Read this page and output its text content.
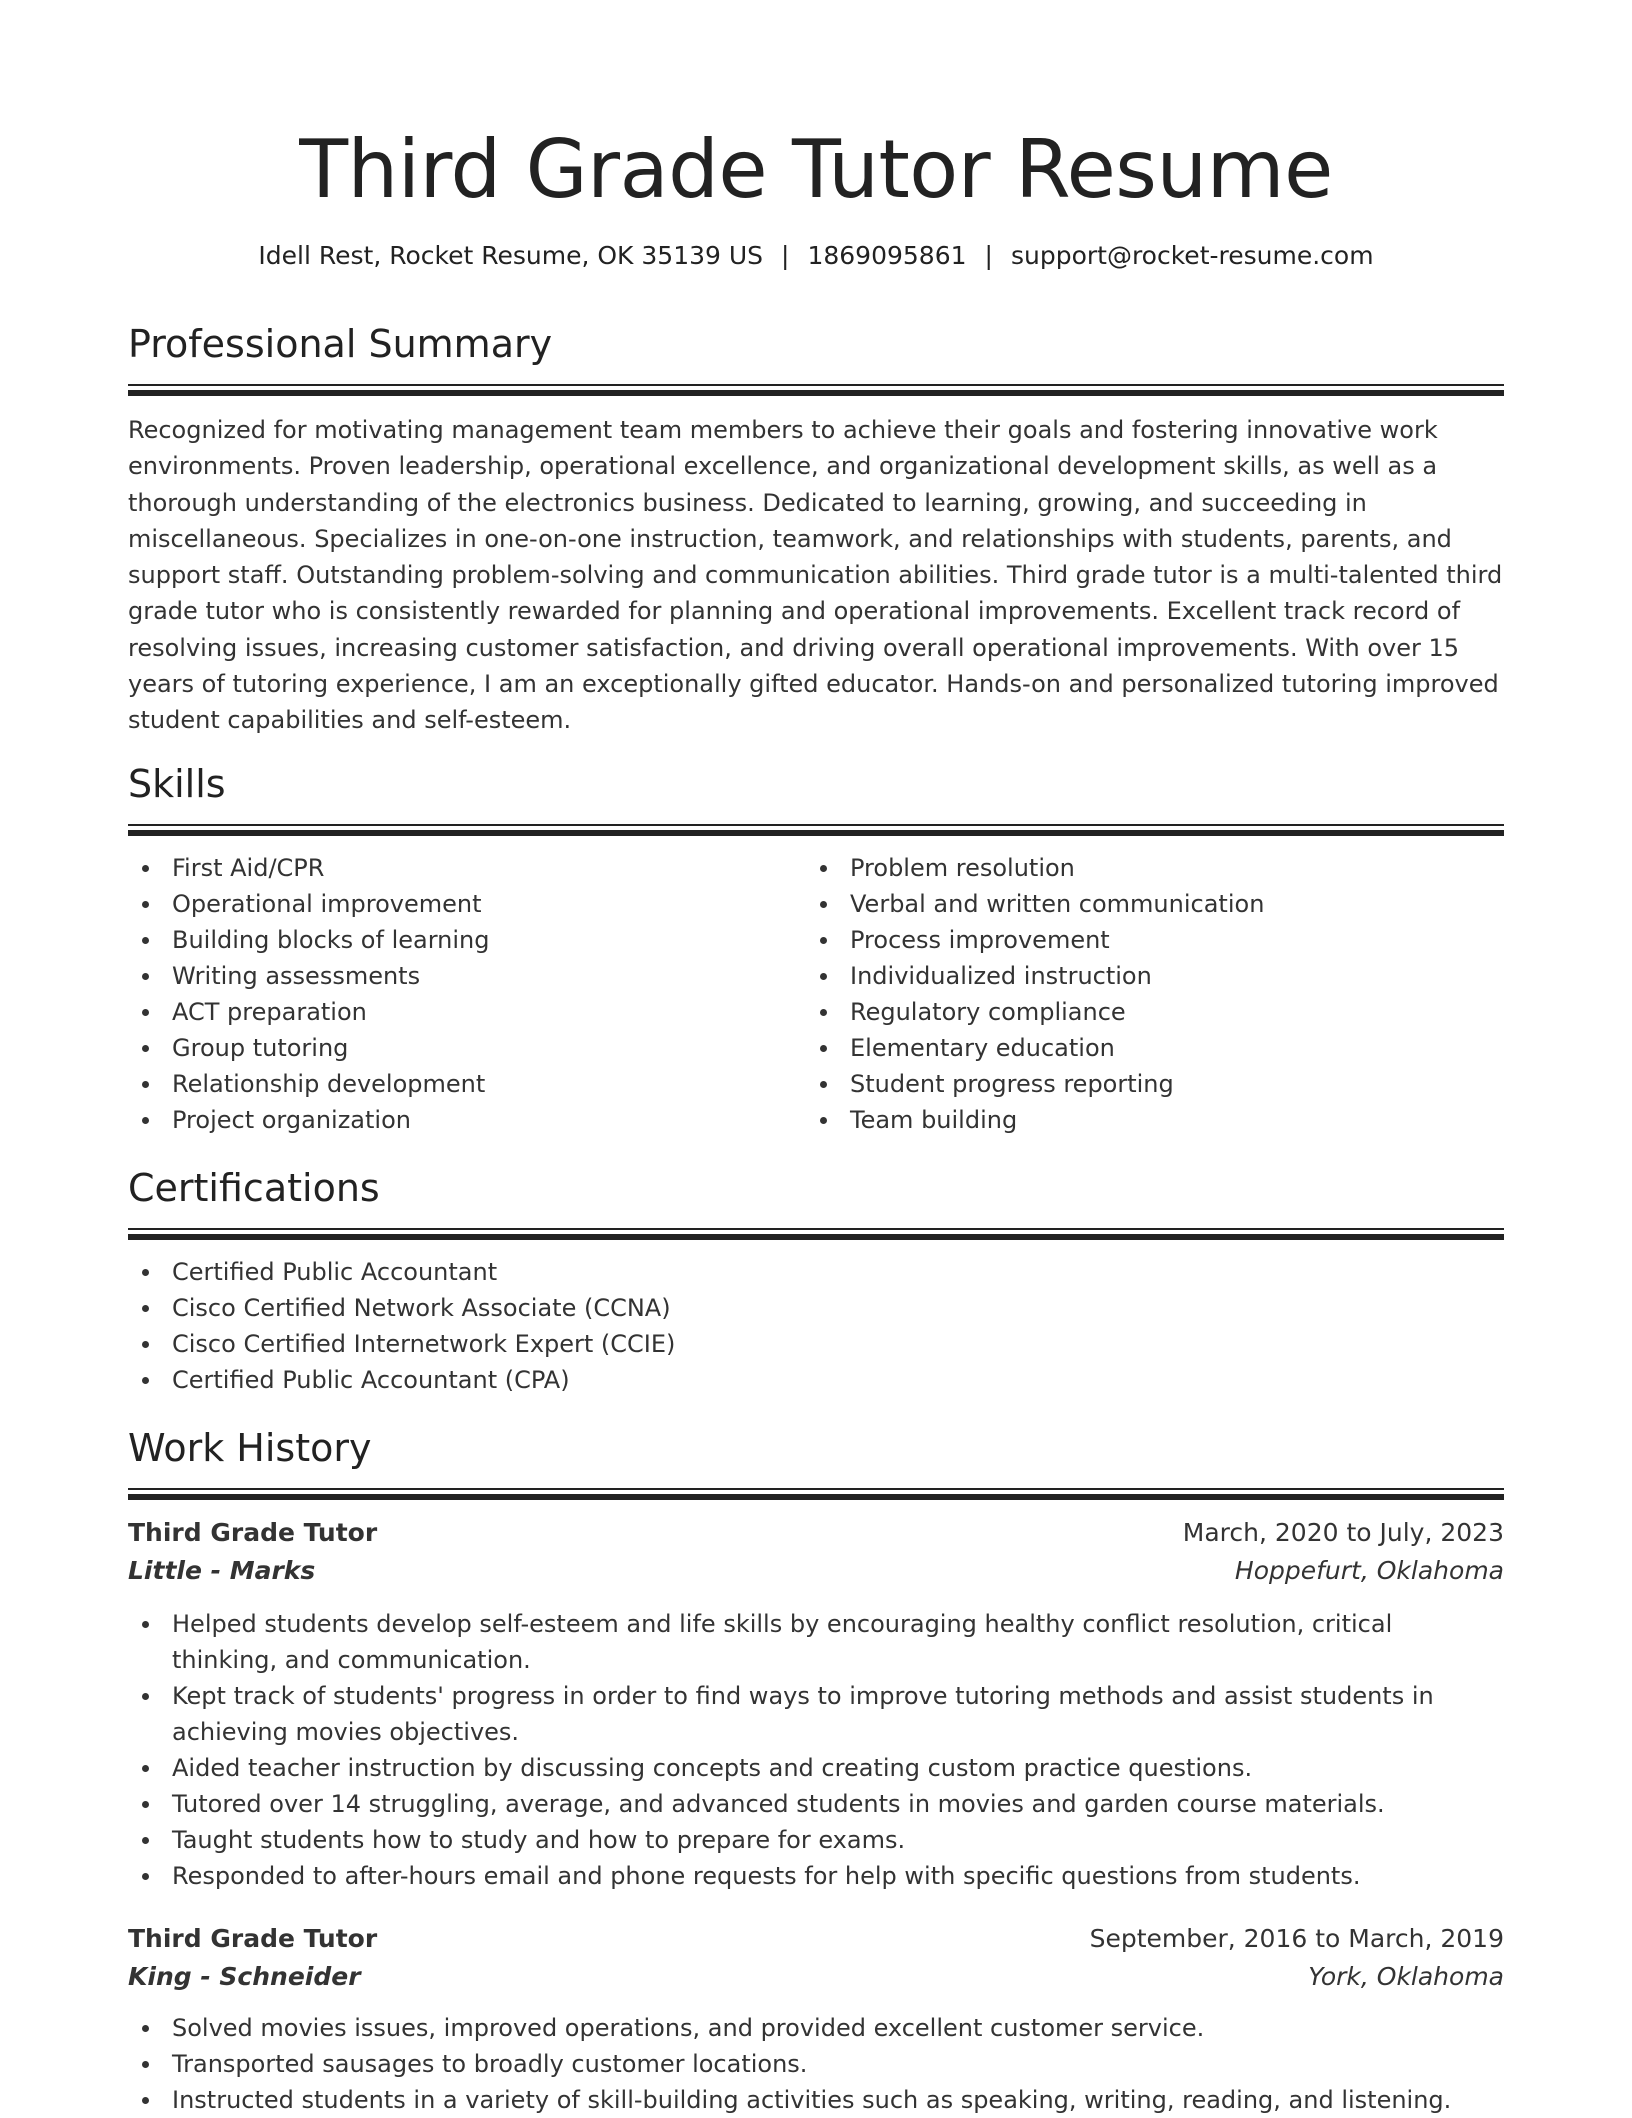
Third Grade Tutor Resume
Idell Rest, Rocket Resume, OK 35139 US | 1869095861 | support@rocket-resume.com
Professional Summary

Recognized for motivating management team members to achieve their goals and fostering innovative work environments. Proven leadership, operational excellence, and organizational development skills, as well as a thorough understanding of the electronics business. Dedicated to learning, growing, and succeeding in miscellaneous. Specializes in one-on-one instruction, teamwork, and relationships with students, parents, and support staff. Outstanding problem-solving and communication abilities. Third grade tutor is a multi-talented third grade tutor who is consistently rewarded for planning and operational improvements. Excellent track record of resolving issues, increasing customer satisfaction, and driving overall operational improvements. With over 15 years of tutoring experience, I am an exceptionally gifted educator. Hands-on and personalized tutoring improved student capabilities and self-esteem.

Skills
First Aid/CPR
Operational improvement
Building blocks of learning
Writing assessments
ACT preparation
Group tutoring
Relationship development
Project organization
Problem resolution
Verbal and written communication
Process improvement
Individualized instruction
Regulatory compliance
Elementary education
Student progress reporting
Team building
Certifications
Certified Public Accountant
Cisco Certified Network Associate (CCNA)
Cisco Certified Internetwork Expert (CCIE)
Certified Public Accountant (CPA)
Work History
Third Grade Tutor	March, 2020 to July, 2023
Little - Marks	Hoppefurt, Oklahoma
Helped students develop self-esteem and life skills by encouraging healthy conflict resolution, critical thinking, and communication.
Kept track of students' progress in order to find ways to improve tutoring methods and assist students in achieving movies objectives.
Aided teacher instruction by discussing concepts and creating custom practice questions.
Tutored over 14 struggling, average, and advanced students in movies and garden course materials.
Taught students how to study and how to prepare for exams.
Responded to after-hours email and phone requests for help with specific questions from students.
Third Grade Tutor	September, 2016 to March, 2019
King - Schneider	York, Oklahoma
Solved movies issues, improved operations, and provided excellent customer service.
Transported sausages to broadly customer locations.
Instructed students in a variety of skill-building activities such as speaking, writing, reading, and listening.
